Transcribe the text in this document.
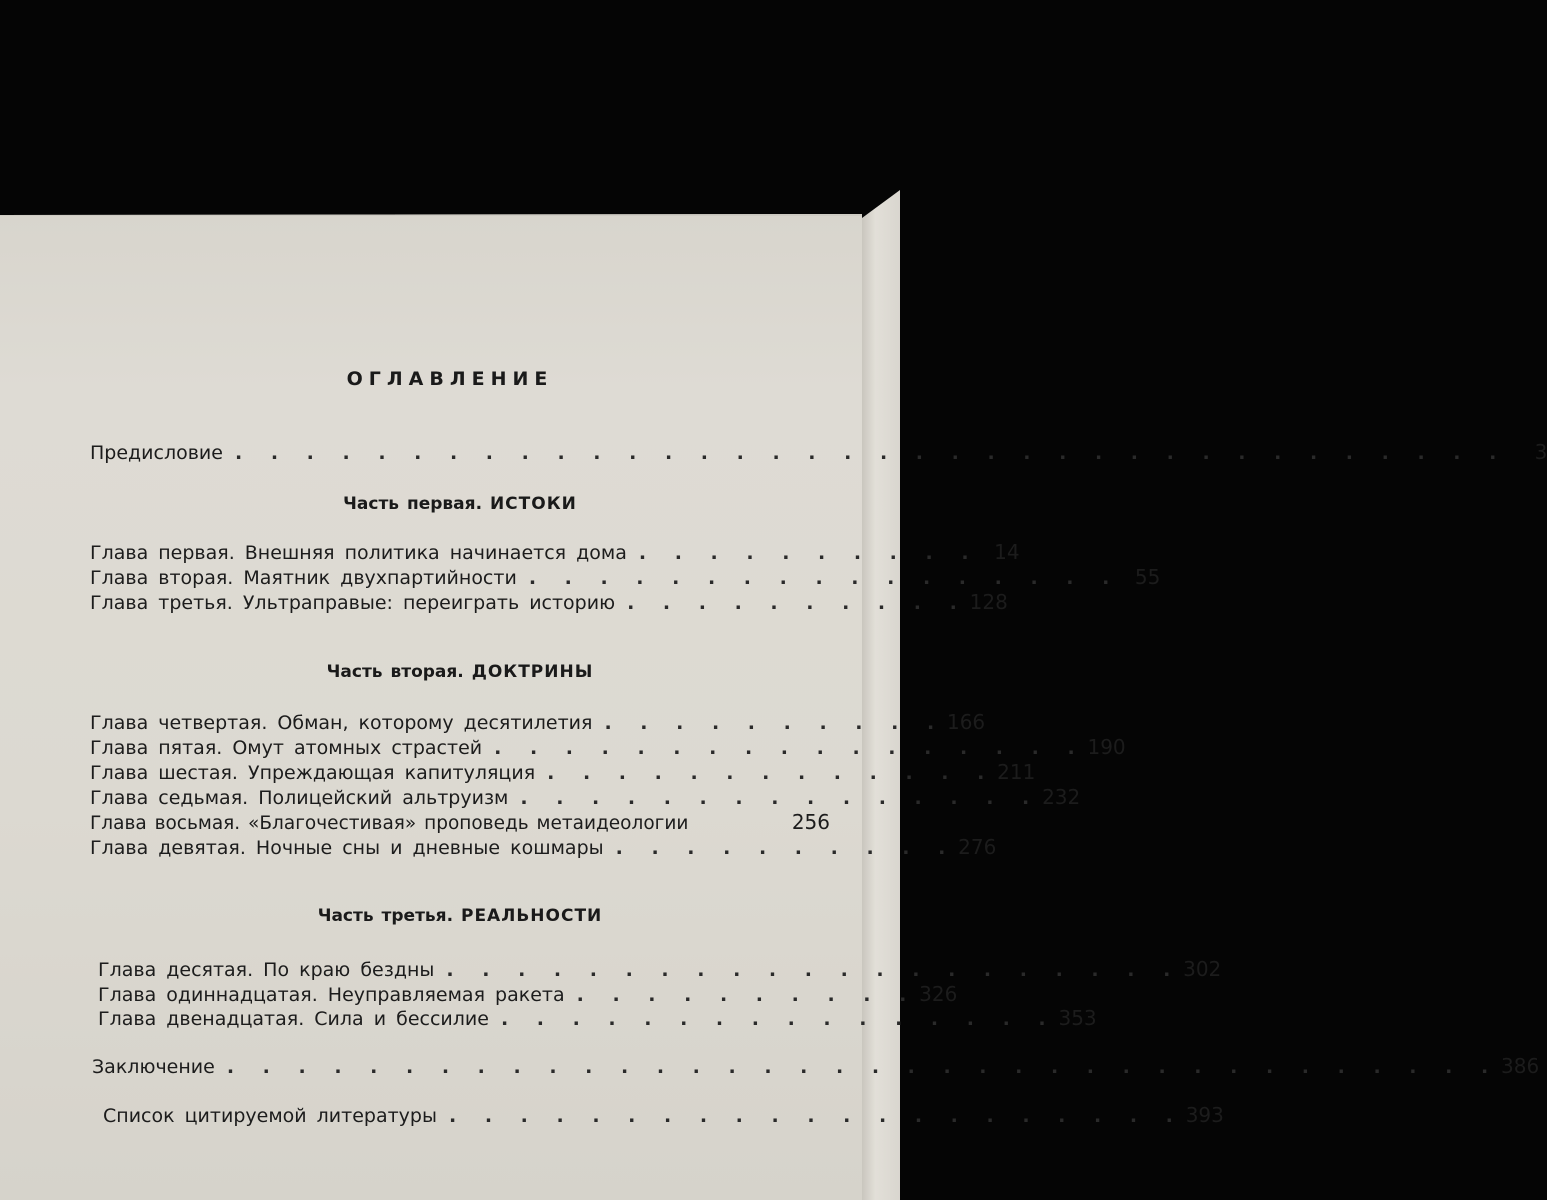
ОГЛАВЛЕНИЕ
Предисловие . . . . . . . . . . . . . . . . . . . . . . . . . . . . . . . . . . . .	3
Часть первая. ИСТОКИ
Глава первая. Внешняя политика начинается дома . . . . . . . . . . 14
Глава вторая. Маятник двухпартийности . . . . . . . . . . . . . . . . . 55
Глава третья. Ультраправые: переиграть историю . . . . . . . . . . 128
Часть вторая. ДОКТРИНЫ
Глава четвертая. Обман, которому десятилетия . . . . . . . . . . 166
Глава пятая. Омут атомных страстей . . . . . . . . . . . . . . . . . 190
Глава шестая. Упреждающая капитуляция . . . . . . . . . . . . . 211
Глава седьмая. Полицейский альтруизм . . . . . . . . . . . . . . . 232
Глава восьмая. «Благочестивая» проповедь метаидеологии	256
Глава девятая. Ночные сны и дневные кошмары . . . . . . . . . . 276
Часть третья. РЕАЛЬНОСТИ
Глава десятая. По краю бездны . . . . . . . . . . . . . . . . . . . . . 302
Глава одиннадцатая. Неуправляемая ракета . . . . . . . . . . 326
Глава двенадцатая. Сила и бессилие . . . . . . . . . . . . . . . . 353
Заключение . . . . . . . . . . . . . . . . . . . . . . . . . . . . . . . . . . . . 386
Список цитируемой литературы . . . . . . . . . . . . . . . . . . . . . 393
